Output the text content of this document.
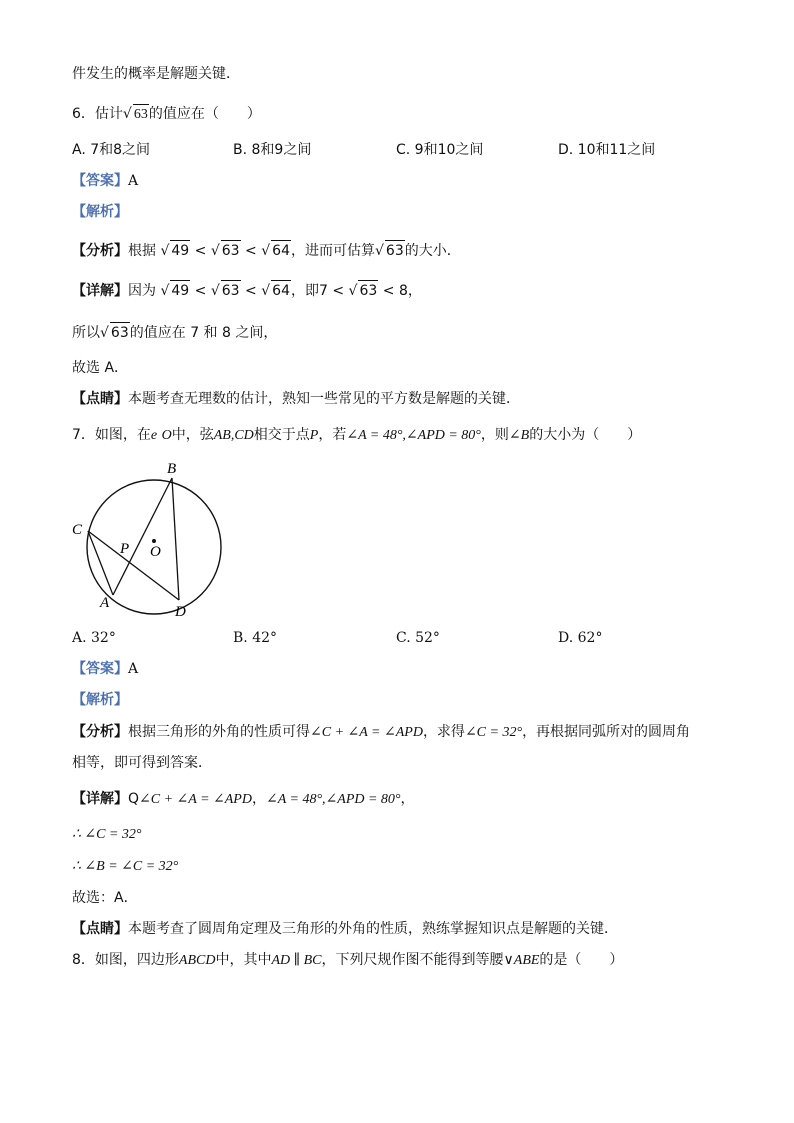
件发生的概率是解题关键．
6．估计√ 63的值应在（　　）
A. 7和8之间	B. 8和9之间	C. 9和10之间	D. 10和11之间
【答案】A
【解析】
【分析】根据 √ 49 < √ 63 < √ 64，进而可估算√ 63的大小．
【详解】因为 √ 49 < √ 63 < √ 64，即7 < √ 63 < 8，
所以√ 63的值应在 7 和 8 之间，
故选 A．
【点睛】本题考查无理数的估计，熟知一些常见的平方数是解题的关键．
7．如图，在e O中，弦AB,CD相交于点P，若∠A = 48°,∠APD = 80°，则∠B的大小为（　　）
B
C
P O
A
D
A. 32°	B. 42°	C. 52°	D. 62°
【答案】A
【解析】
【分析】根据三角形的外角的性质可得∠C + ∠A = ∠APD，求得∠C = 32°，再根据同弧所对的圆周角
相等，即可得到答案．
【详解】Q∠C + ∠A = ∠APD，∠A = 48°,∠APD = 80°，
∴ ∠C = 32°
∴ ∠B = ∠C = 32°
故选：A．
【点睛】本题考查了圆周角定理及三角形的外角的性质，熟练掌握知识点是解题的关键．
8．如图，四边形ABCD中，其中AD ∥ BC，下列尺规作图不能得到等腰∨ABE的是（　　）
